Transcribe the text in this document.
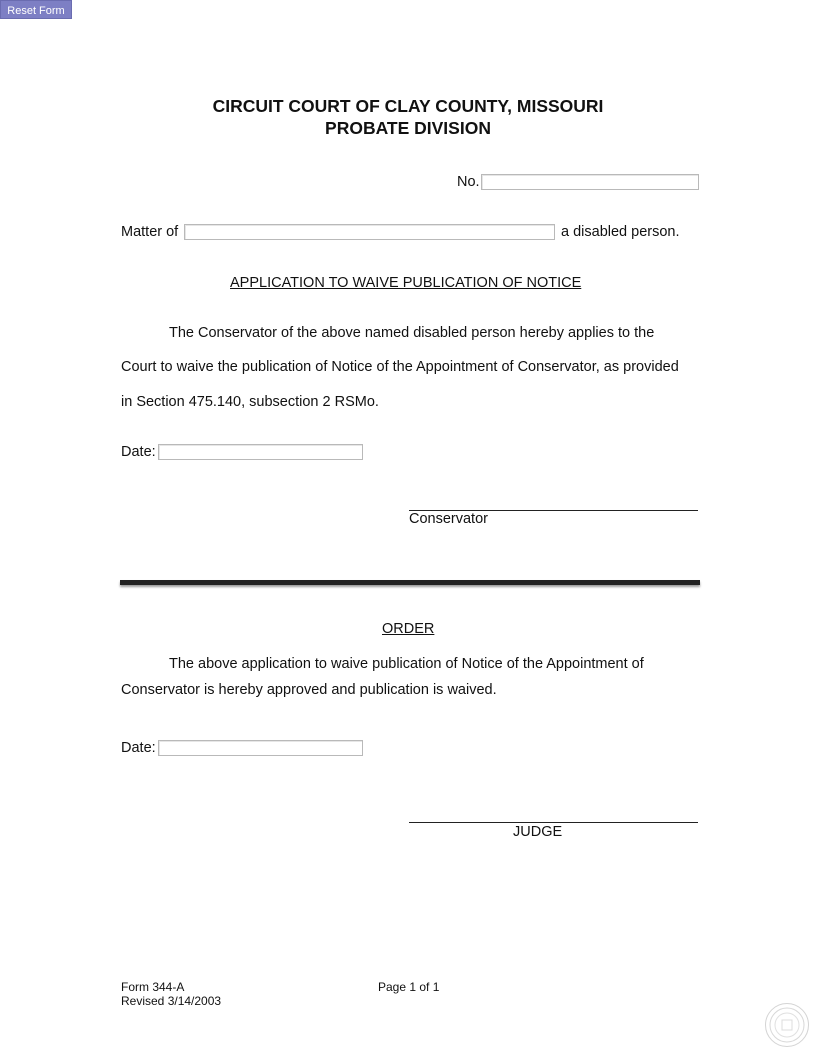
Reset Form
CIRCUIT COURT OF CLAY COUNTY, MISSOURI
PROBATE DIVISION
No.
Matter of	a disabled person.
APPLICATION TO WAIVE PUBLICATION OF NOTICE
The Conservator of the above named disabled person hereby applies to the
Court to waive the publication of Notice of the Appointment of Conservator, as provided
in Section 475.140, subsection 2 RSMo.
Date:
Conservator
ORDER
The above application to waive publication of Notice of the Appointment of
Conservator is hereby approved and publication is waived.
Date:
JUDGE
Form 344-A
Revised 3/14/2003
Page 1 of 1
